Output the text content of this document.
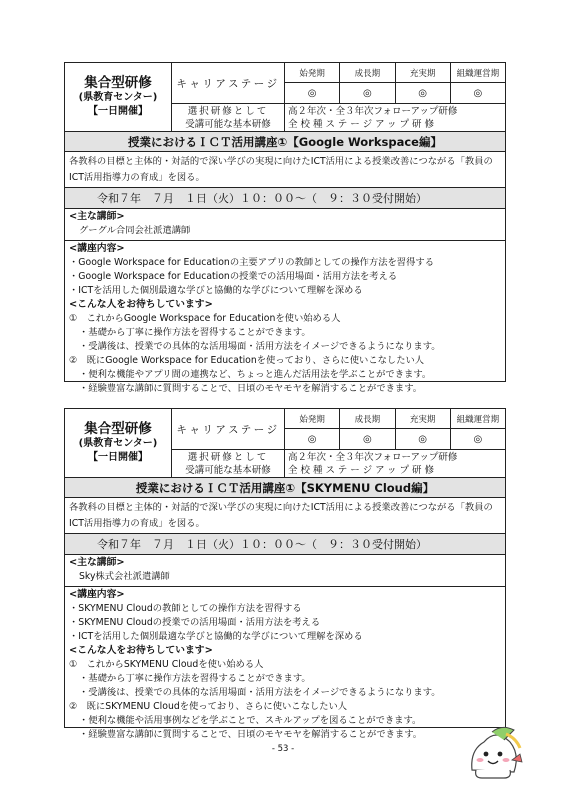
集合型研修
(県教育センター)
【一日開催】
キャリアステージ
始発期
◎
成長期
◎
充実期
◎
組織運営期
◎
選択研修として
受講可能な基本研修
高２年次・全３年次フォローアップ研修
全校種ステージアップ研修
授業におけるＩＣＴ活用講座①【Google Workspace編】
各教科の目標と主体的・対話的で深い学びの実現に向けたICT活用による授業改善につながる「教員のICT活用指導力の育成」を図る。
令和７年　７月　１日（火）１０：００～（　９：３０受付開始）
<主な講師>
グーグル合同会社派遣講師
<講座内容>
・Google Workspace for Educationの主要アプリの教師としての操作方法を習得する
・Google Workspace for Educationの授業での活用場面・活用方法を考える
・ICTを活用した個別最適な学びと協働的な学びについて理解を深める
<こんな人をお待ちしています>
①　これからGoogle Workspace for Educationを使い始める人
・基礎から丁寧に操作方法を習得することができます。
・受講後は、授業での具体的な活用場面・活用方法をイメージできるようになります。
②　既にGoogle Workspace for Educationを使っており、さらに使いこなしたい人
・便利な機能やアプリ間の連携など、ちょっと進んだ活用法を学ぶことができます。
・経験豊富な講師に質問することで、日頃のモヤモヤを解消することができます。
集合型研修
(県教育センター)
【一日開催】
キャリアステージ
始発期
◎
成長期
◎
充実期
◎
組織運営期
◎
選択研修として
受講可能な基本研修
高２年次・全３年次フォローアップ研修
全校種ステージアップ研修
授業におけるＩＣＴ活用講座①【SKYMENU Cloud編】
各教科の目標と主体的・対話的で深い学びの実現に向けたICT活用による授業改善につながる「教員のICT活用指導力の育成」を図る。
令和７年　７月　１日（火）１０：００～（　９：３０受付開始）
<主な講師>
Sky株式会社派遣講師
<講座内容>
・SKYMENU Cloudの教師としての操作方法を習得する
・SKYMENU Cloudの授業での活用場面・活用方法を考える
・ICTを活用した個別最適な学びと協働的な学びについて理解を深める
<こんな人をお待ちしています>
①　これからSKYMENU Cloudを使い始める人
・基礎から丁寧に操作方法を習得することができます。
・受講後は、授業での具体的な活用場面・活用方法をイメージできるようになります。
②　既にSKYMENU Cloudを使っており、さらに使いこなしたい人
・便利な機能や活用事例などを学ぶことで、スキルアップを図ることができます。
・経験豊富な講師に質問することで、日頃のモヤモヤを解消することができます。
- 53 -
